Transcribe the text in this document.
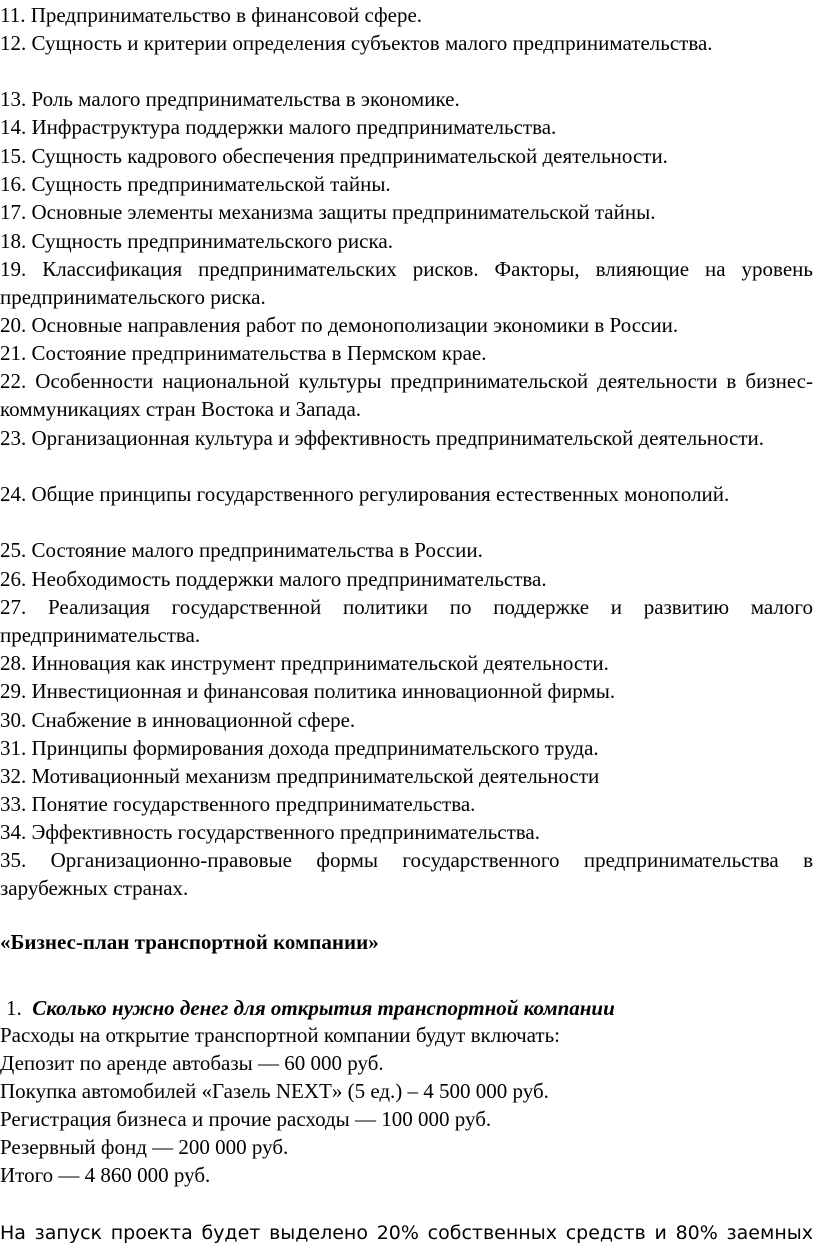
11. Предпринимательство в финансовой сфере.

12. Сущность и критерии определения субъектов малого предпринимательства.

13. Роль малого предпринимательства в экономике.

14. Инфраструктура поддержки малого предпринимательства.

15. Сущность кадрового обеспечения предпринимательской деятельности.

16. Сущность предпринимательской тайны.

17. Основные элементы механизма защиты предпринимательской тайны.

18. Сущность предпринимательского риска.

19. Классификация предпринимательских рисков. Факторы, влияющие на уровень предпринимательского риска.

20. Основные направления работ по демонополизации экономики в России.

21. Состояние предпринимательства в Пермском крае.

22. Особенности национальной культуры предпринимательской деятельности в бизнес-коммуникациях стран Востока и Запада.

23. Организационная культура и эффективность предпринимательской деятельности.

24. Общие принципы государственного регулирования естественных монополий.

25. Состояние малого предпринимательства в России.

26. Необходимость поддержки малого предпринимательства.

27. Реализация государственной политики по поддержке и развитию малого предпринимательства.

28. Инновация как инструмент предпринимательской деятельности.

29. Инвестиционная и финансовая политика инновационной фирмы.

30. Снабжение в инновационной сфере.

31. Принципы формирования дохода предпринимательского труда.

32. Мотивационный механизм предпринимательской деятельности

33. Понятие государственного предпринимательства.

34. Эффективность государственного предпринимательства.

35. Организационно-правовые формы государственного предпринимательства в зарубежных странах.

«Бизнес-план транспортной компании»
1. Сколько нужно денег для открытия транспортной компании
Расходы на открытие транспортной компании будут включать:
Депозит по аренде автобазы — 60 000 руб.
Покупка автомобилей «Газель NEXT» (5 ед.) – 4 500 000 руб.
Регистрация бизнеса и прочие расходы — 100 000 руб.
Резервный фонд — 200 000 руб.
Итого — 4 860 000 руб.
На запуск проекта будет выделено 20% собственных средств и 80% заемных
